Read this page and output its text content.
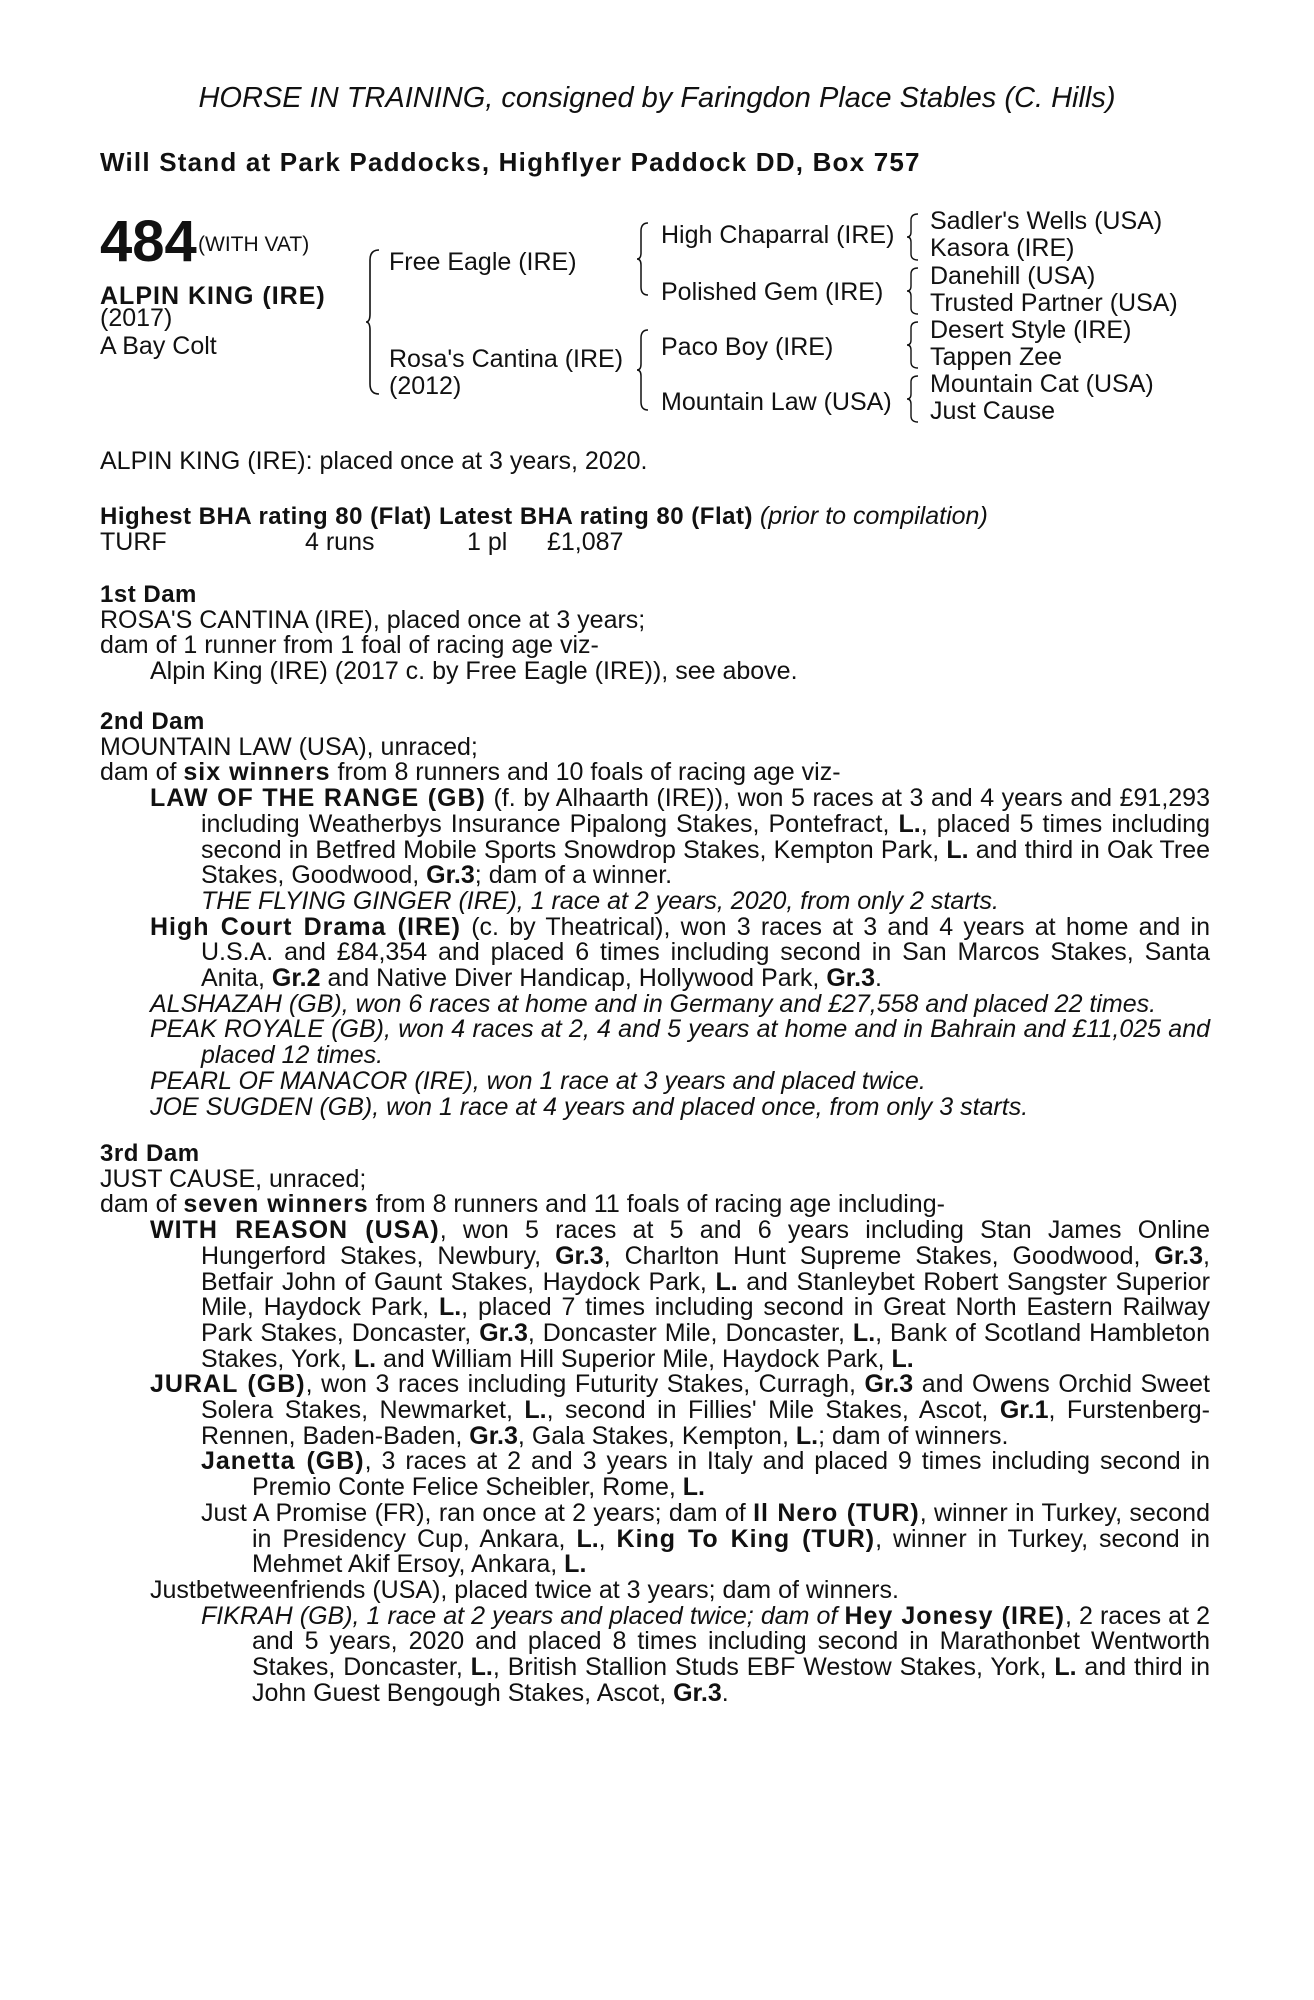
HORSE IN TRAINING, consigned by Faringdon Place Stables (C. Hills)
Will Stand at Park Paddocks, Highflyer Paddock DD, Box 757
484 (WITH VAT)
ALPIN KING (IRE)
(2017)
A Bay Colt
Free Eagle (IRE)
Rosa's Cantina (IRE)
(2012)
High Chaparral (IRE)
Polished Gem (IRE)
Paco Boy (IRE)
Mountain Law (USA)
Sadler's Wells (USA)
Kasora (IRE)
Danehill (USA)
Trusted Partner (USA)
Desert Style (IRE)
Tappen Zee
Mountain Cat (USA)
Just Cause
ALPIN KING (IRE): placed once at 3 years, 2020.
Highest BHA rating 80 (Flat) Latest BHA rating 80 (Flat) (prior to compilation)
TURF	4 runs	1 pl £1,087

1st Dam

ROSA'S CANTINA (IRE), placed once at 3 years;

dam of 1 runner from 1 foal of racing age viz-

Alpin King (IRE) (2017 c. by Free Eagle (IRE)), see above.

2nd Dam

MOUNTAIN LAW (USA), unraced;

dam of six winners from 8 runners and 10 foals of racing age viz-

LAW OF THE RANGE (GB) (f. by Alhaarth (IRE)), won 5 races at 3 and 4 years and £91,293 including Weatherbys Insurance Pipalong Stakes, Pontefract, L., placed 5 times including second in Betfred Mobile Sports Snowdrop Stakes, Kempton Park, L. and third in Oak Tree Stakes, Goodwood, Gr.3; dam of a winner.

THE FLYING GINGER (IRE), 1 race at 2 years, 2020, from only 2 starts.

High Court Drama (IRE) (c. by Theatrical), won 3 races at 3 and 4 years at home and in U.S.A. and £84,354 and placed 6 times including second in San Marcos Stakes, Santa Anita, Gr.2 and Native Diver Handicap, Hollywood Park, Gr.3.

ALSHAZAH (GB), won 6 races at home and in Germany and £27,558 and placed 22 times.

PEAK ROYALE (GB), won 4 races at 2, 4 and 5 years at home and in Bahrain and £11,025 and placed 12 times.

PEARL OF MANACOR (IRE), won 1 race at 3 years and placed twice.

JOE SUGDEN (GB), won 1 race at 4 years and placed once, from only 3 starts.

3rd Dam

JUST CAUSE, unraced;

dam of seven winners from 8 runners and 11 foals of racing age including-

WITH REASON (USA), won 5 races at 5 and 6 years including Stan James Online Hungerford Stakes, Newbury, Gr.3, Charlton Hunt Supreme Stakes, Goodwood, Gr.3, Betfair John of Gaunt Stakes, Haydock Park, L. and Stanleybet Robert Sangster Superior Mile, Haydock Park, L., placed 7 times including second in Great North Eastern Railway Park Stakes, Doncaster, Gr.3, Doncaster Mile, Doncaster, L., Bank of Scotland Hambleton Stakes, York, L. and William Hill Superior Mile, Haydock Park, L.

JURAL (GB), won 3 races including Futurity Stakes, Curragh, Gr.3 and Owens Orchid Sweet Solera Stakes, Newmarket, L., second in Fillies' Mile Stakes, Ascot, Gr.1, Furstenberg-Rennen, Baden-Baden, Gr.3, Gala Stakes, Kempton, L.; dam of winners.

Janetta (GB), 3 races at 2 and 3 years in Italy and placed 9 times including second in Premio Conte Felice Scheibler, Rome, L.

Just A Promise (FR), ran once at 2 years; dam of Il Nero (TUR), winner in Turkey, second in Presidency Cup, Ankara, L., King To King (TUR), winner in Turkey, second in Mehmet Akif Ersoy, Ankara, L.

Justbetweenfriends (USA), placed twice at 3 years; dam of winners.

FIKRAH (GB), 1 race at 2 years and placed twice; dam of Hey Jonesy (IRE), 2 races at 2 and 5 years, 2020 and placed 8 times including second in Marathonbet Wentworth Stakes, Doncaster, L., British Stallion Studs EBF Westow Stakes, York, L. and third in John Guest Bengough Stakes, Ascot, Gr.3.
